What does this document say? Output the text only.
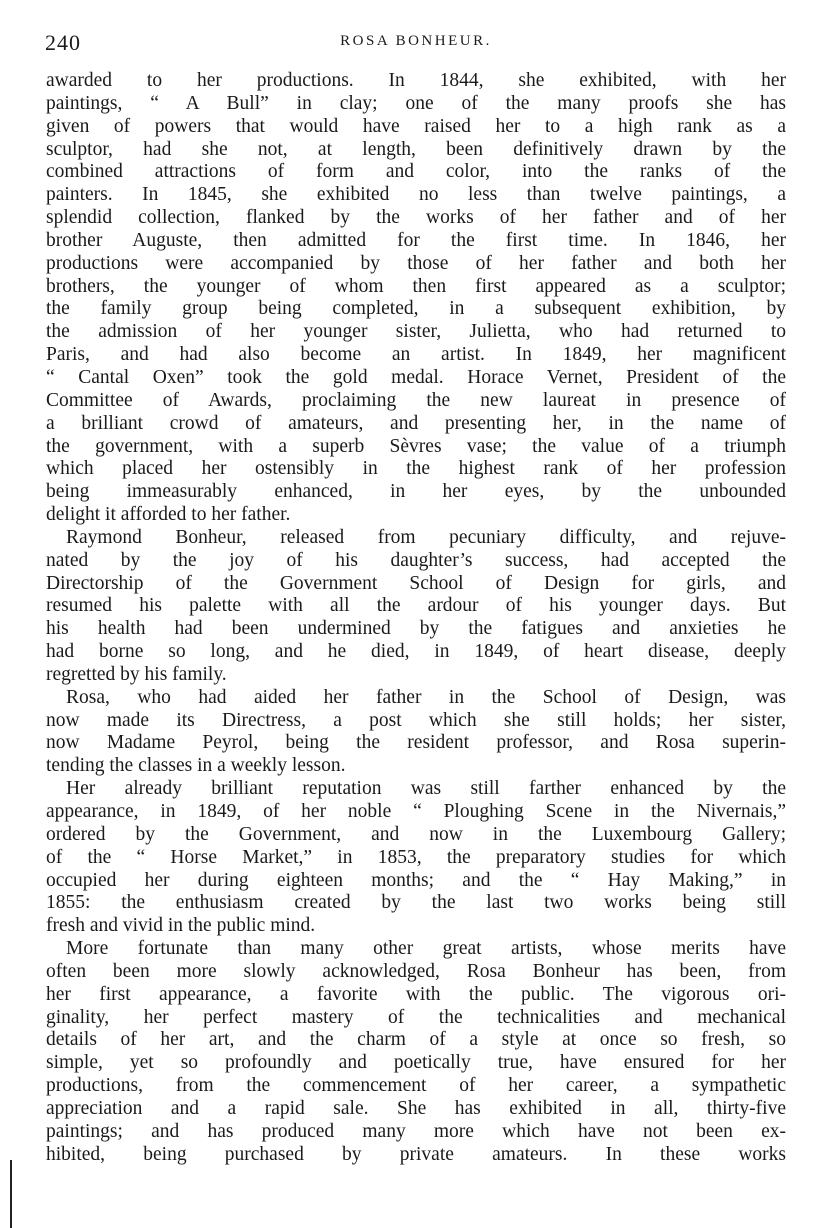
240	ROSA BONHEUR.
awarded to her productions. In 1844, she exhibited, with her
paintings, “ A Bull” in clay; one of the many proofs she has
given of powers that would have raised her to a high rank as a
sculptor, had she not, at length, been definitively drawn by the
combined attractions of form and color, into the ranks of the
painters. In 1845, she exhibited no less than twelve paintings, a
splendid collection, flanked by the works of her father and of her
brother Auguste, then admitted for the first time. In 1846, her
productions were accompanied by those of her father and both her
brothers, the younger of whom then first appeared as a sculptor;
the family group being completed, in a subsequent exhibition, by
the admission of her younger sister, Julietta, who had returned to
Paris, and had also become an artist. In 1849, her magnificent
“ Cantal Oxen” took the gold medal. Horace Vernet, President of the
Committee of Awards, proclaiming the new laureat in presence of
a brilliant crowd of amateurs, and presenting her, in the name of
the government, with a superb Sèvres vase; the value of a triumph
which placed her ostensibly in the highest rank of her profession
being immeasurably enhanced, in her eyes, by the unbounded
delight it afforded to her father.
Raymond Bonheur, released from pecuniary difficulty, and rejuve-
nated by the joy of his daughter’s success, had accepted the
Directorship of the Government School of Design for girls, and
resumed his palette with all the ardour of his younger days. But
his health had been undermined by the fatigues and anxieties he
had borne so long, and he died, in 1849, of heart disease, deeply
regretted by his family.
Rosa, who had aided her father in the School of Design, was
now made its Directress, a post which she still holds; her sister,
now Madame Peyrol, being the resident professor, and Rosa superin-
tending the classes in a weekly lesson.
Her already brilliant reputation was still farther enhanced by the
appearance, in 1849, of her noble “ Ploughing Scene in the Nivernais,”
ordered by the Government, and now in the Luxembourg Gallery;
of the “ Horse Market,” in 1853, the preparatory studies for which
occupied her during eighteen months; and the “ Hay Making,” in
1855: the enthusiasm created by the last two works being still
fresh and vivid in the public mind.
More fortunate than many other great artists, whose merits have
often been more slowly acknowledged, Rosa Bonheur has been, from
her first appearance, a favorite with the public. The vigorous ori-
ginality, her perfect mastery of the technicalities and mechanical
details of her art, and the charm of a style at once so fresh, so
simple, yet so profoundly and poetically true, have ensured for her
productions, from the commencement of her career, a sympathetic
appreciation and a rapid sale. She has exhibited in all, thirty-five
paintings; and has produced many more which have not been ex-
hibited, being purchased by private amateurs. In these works
